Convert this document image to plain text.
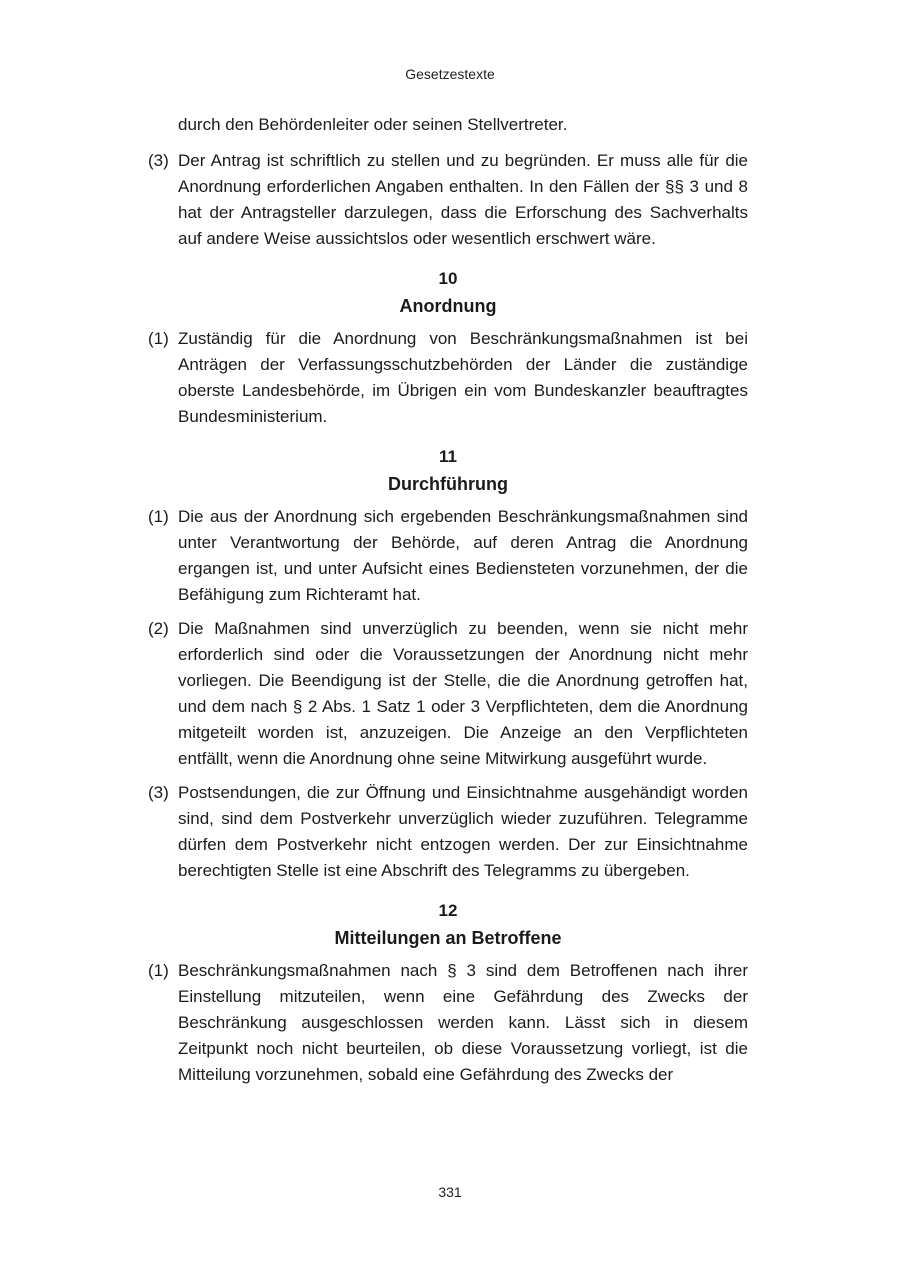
Gesetzestexte

durch den Behördenleiter oder seinen Stellvertreter.

(3) Der Antrag ist schriftlich zu stellen und zu begründen. Er muss alle für die Anordnung erforderlichen Angaben enthalten. In den Fällen der §§ 3 und 8 hat der Antragsteller darzulegen, dass die Erforschung des Sachverhalts auf andere Weise aussichtslos oder wesentlich erschwert wäre.
10
Anordnung
(1) Zuständig für die Anordnung von Beschränkungsmaßnahmen ist bei Anträgen der Verfassungsschutzbehörden der Länder die zuständige oberste Landesbehörde, im Übrigen ein vom Bundeskanzler beauftragtes Bundesministerium.
11
Durchführung
(1) Die aus der Anordnung sich ergebenden Beschränkungsmaßnahmen sind unter Verantwortung der Behörde, auf deren Antrag die Anordnung ergangen ist, und unter Aufsicht eines Bediensteten vorzunehmen, der die Befähigung zum Richteramt hat.
(2) Die Maßnahmen sind unverzüglich zu beenden, wenn sie nicht mehr erforderlich sind oder die Voraussetzungen der Anordnung nicht mehr vorliegen. Die Beendigung ist der Stelle, die die Anordnung getroffen hat, und dem nach § 2 Abs. 1 Satz 1 oder 3 Verpflichteten, dem die Anordnung mitgeteilt worden ist, anzuzeigen. Die Anzeige an den Verpflichteten entfällt, wenn die Anordnung ohne seine Mitwirkung ausgeführt wurde.
(3) Postsendungen, die zur Öffnung und Einsichtnahme ausgehändigt worden sind, sind dem Postverkehr unverzüglich wieder zuzuführen. Telegramme dürfen dem Postverkehr nicht entzogen werden. Der zur Einsichtnahme berechtigten Stelle ist eine Abschrift des Telegramms zu übergeben.
12
Mitteilungen an Betroffene
(1) Beschränkungsmaßnahmen nach § 3 sind dem Betroffenen nach ihrer Einstellung mitzuteilen, wenn eine Gefährdung des Zwecks der Beschränkung ausgeschlossen werden kann. Lässt sich in diesem Zeitpunkt noch nicht beurteilen, ob diese Voraussetzung vorliegt, ist die Mitteilung vorzunehmen, sobald eine Gefährdung des Zwecks der
331
